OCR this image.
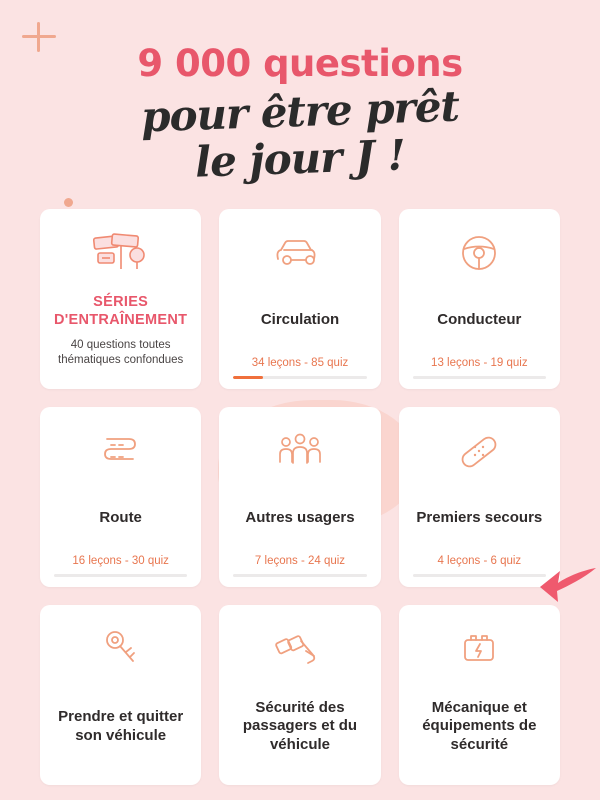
9 000 questions
pour être prêt
le jour J !
SÉRIES D'ENTRAÎNEMENT
40 questions toutes thématiques confondues
Circulation
34 leçons - 85 quiz
Conducteur
13 leçons - 19 quiz
Route
16 leçons - 30 quiz
Autres usagers
7 leçons - 24 quiz
Premiers secours
4 leçons - 6 quiz
Prendre et quitter son véhicule
Sécurité des passagers et du véhicule
Mécanique et équipements de sécurité
